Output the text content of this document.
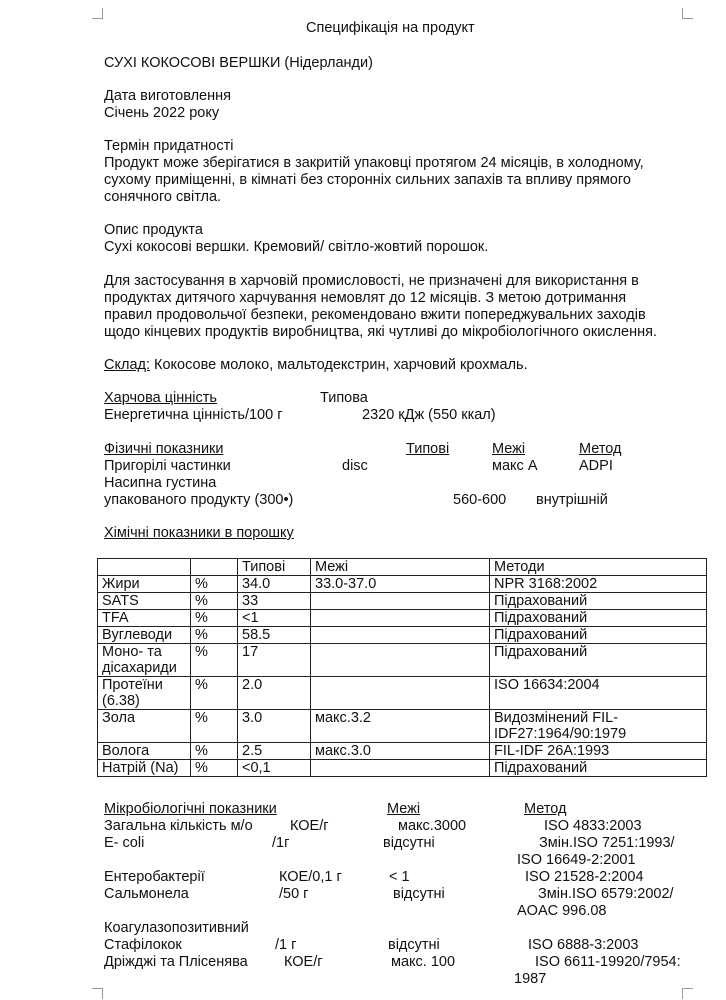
Специфікація на продукт
СУХІ КОКОСОВІ ВЕРШКИ (Нідерланди)
Дата виготовлення
Січень 2022 року
Термін придатності
Продукт може зберігатися в закритій упаковці протягом 24 місяців, в холодному,
сухому приміщенні, в кімнаті без сторонніх сильних запахів та впливу прямого
сонячного світла.
Опис продукта
Сухі кокосові вершки. Кремовий/ світло-жовтий порошок.
Для застосування в харчовій промисловості, не призначені для використання в
продуктах дитячого харчування немовлят до 12 місяців. З метою дотримання
правил продовольчої безпеки, рекомендовано вжити попереджувальних заходів
щодо кінцевих продуктів виробництва, які чутливі до мікробіологічного окислення.
Склад: Кокосове молоко, мальтодекстрин, харчовий крохмаль.
Харчова цінність	Типова
Енергетична цінність/100 г	2320 кДж (550 ккал)
Фізичні показники	Типові	Межі	Метод
Пригорілі частинки	disc	макс А	ADPI
Насипна густина
упакованого продукту (300•)	560-600 внутрішній
Хімічні показники в порошку
		Типові	Межі	Методи
Жири	%	34.0	33.0-37.0	NPR 3168:2002
SATS	%	33		Підрахований
TFA	%	<1		Підрахований
Вуглеводи	%	58.5		Підрахований
Моно- та дісахариди	%	17		Підрахований
Протеїни (6.38)	%	2.0		ISO 16634:2004
Зола	%	3.0	макс.3.2	Видозмінений FIL-IDF27:1964/90:1979
Волога	%	2.5	макс.3.0	FIL-IDF 26A:1993
Натрій (Na)	%	<0,1		Підрахований
Мікробіологічні показники	Межі	Метод
Загальна кількість м/о	КОЕ/г	макс.3000	ISO 4833:2003
Е- coli	/1г	відсутні	Змін.ISO 7251:1993/
ISO 16649-2:2001
Ентеробактерії	КОЕ/0,1 г	< 1	ISO 21528-2:2004
Сальмонела	/50 г	відсутні	Змін.ISO 6579:2002/
AOAC 996.08
Коагулазопозитивний
Стафілокок	/1 г	відсутні	ISO 6888-3:2003
Дріжджі та Плісенява	КОЕ/г	макс. 100	ISO 6611-19920/7954:
1987
